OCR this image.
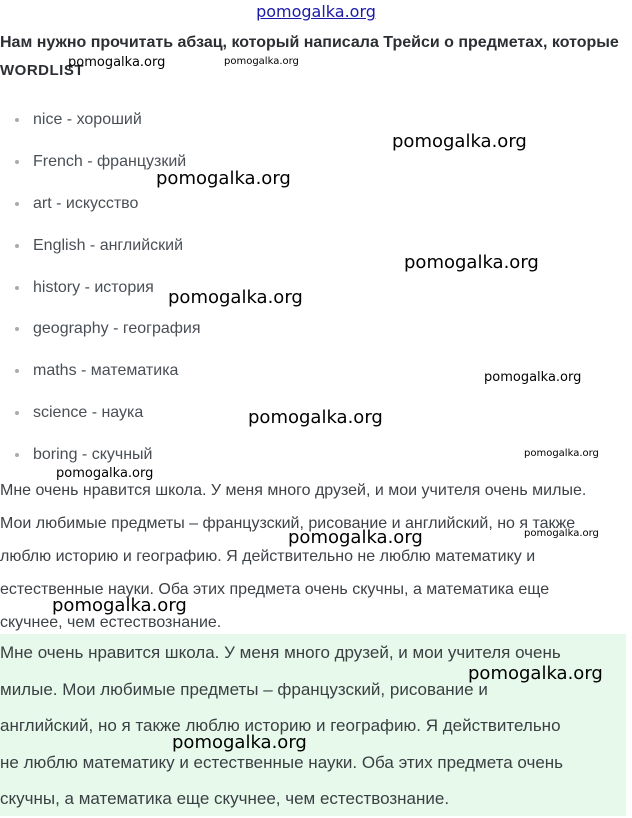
pomogalka.org
Нам нужно прочитать абзац, который написала Трейси о предметах, которые
WORDLIST
nice - хороший
French - французкий
art - искусство
English - английский
history - история
geography - география
maths - математика
science - наука
boring - скучный
Мне очень нравится школа. У меня много друзей, и мои учителя очень милые.
Мои любимые предметы – французский, рисование и английский, но я также
люблю историю и географию. Я действительно не люблю математику и
естественные науки. Оба этих предмета очень скучны, а математика еще
скучнее, чем естествознание.
Мне очень нравится школа. У меня много друзей, и мои учителя очень
милые. Мои любимые предметы – французский, рисование и
английский, но я также люблю историю и географию. Я действительно
не люблю математику и естественные науки. Оба этих предмета очень
скучны, а математика еще скучнее, чем естествознание.
pomogalka.org	pomogalka.org
pomogalka.org
pomogalka.org
pomogalka.org
pomogalka.org
pomogalka.org
pomogalka.org
pomogalka.org
pomogalka.org
pomogalka.org
pomogalka.org
pomogalka.org
pomogalka.org
pomogalka.org
